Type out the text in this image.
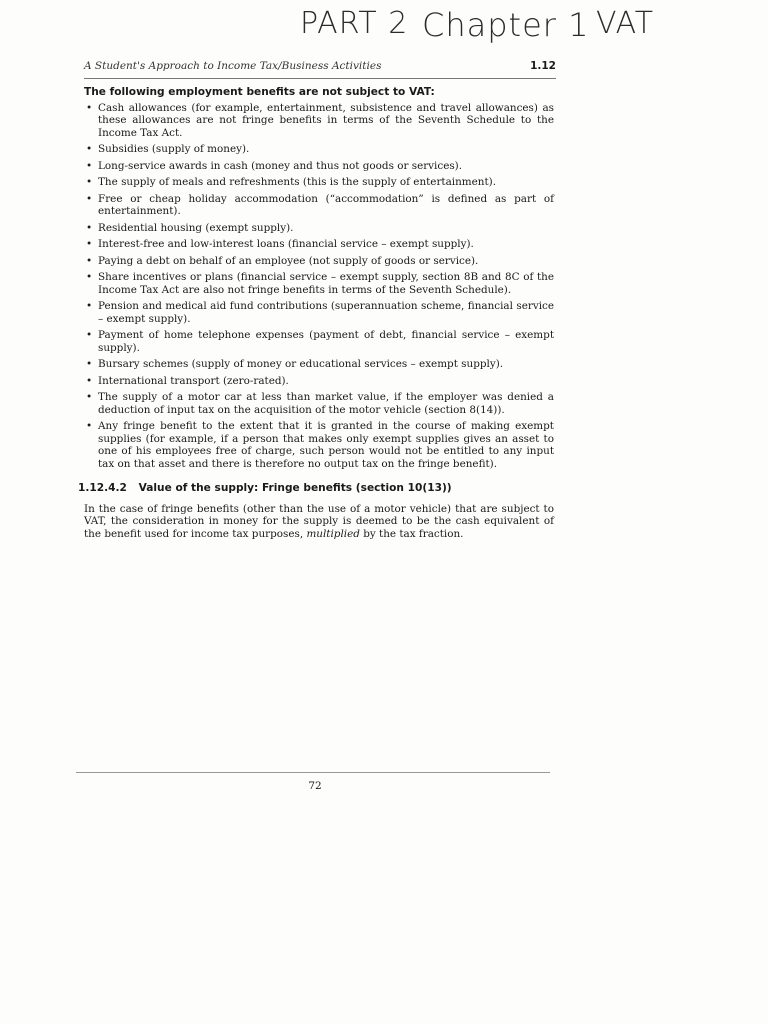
PART 2 Chapter 1 VAT
A Student's Approach to Income Tax/Business Activities	1.12
The following employment benefits are not subject to VAT:
• Cash allowances (for example, entertainment, subsistence and travel allowances) as these allowances are not fringe benefits in terms of the Seventh Schedule to the Income Tax Act.
• Subsidies (supply of money).
• Long-service awards in cash (money and thus not goods or services).
• The supply of meals and refreshments (this is the supply of entertainment).
• Free or cheap holiday accommodation (“accommodation” is defined as part of entertainment).
• Residential housing (exempt supply).
• Interest-free and low-interest loans (financial service – exempt supply).
• Paying a debt on behalf of an employee (not supply of goods or service).
• Share incentives or plans (financial service – exempt supply, section 8B and 8C of the Income Tax Act are also not fringe benefits in terms of the Seventh Schedule).
• Pension and medical aid fund contributions (superannuation scheme, financial service – exempt supply).
• Payment of home telephone expenses (payment of debt, financial service – exempt supply).
• Bursary schemes (supply of money or educational services – exempt supply).
• International transport (zero-rated).
• The supply of a motor car at less than market value, if the employer was denied a deduction of input tax on the acquisition of the motor vehicle (section 8(14)).
• Any fringe benefit to the extent that it is granted in the course of making exempt supplies (for example, if a person that makes only exempt supplies gives an asset to one of his employees free of charge, such person would not be entitled to any input tax on that asset and there is therefore no output tax on the fringe benefit).
1.12.4.2 Value of the supply: Fringe benefits (section 10(13))

In the case of fringe benefits (other than the use of a motor vehicle) that are subject to VAT, the consideration in money for the supply is deemed to be the cash equivalent of the benefit used for income tax purposes, multiplied by the tax fraction.

72
